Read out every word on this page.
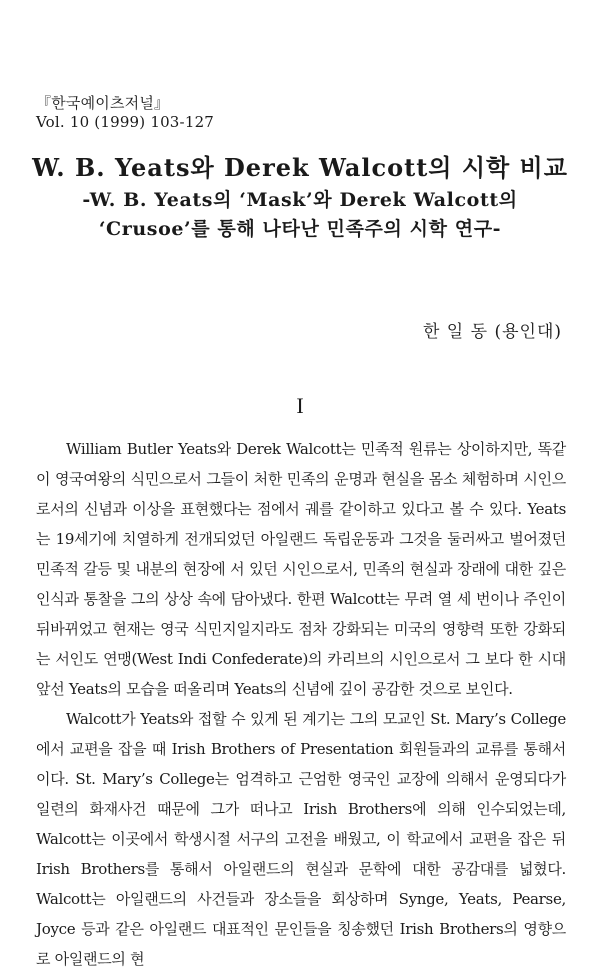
『한국예이츠저널』
Vol. 10 (1999) 103-127
W. B. Yeats와 Derek Walcott의 시학 비교
-W. B. Yeats의 ‘Mask’와 Derek Walcott의
‘Crusoe’를 통해 나타난 민족주의 시학 연구-
한 일 동 (용인대)
I

William Butler Yeats와 Derek Walcott는 민족적 원류는 상이하지만, 똑같이 영국여왕의 식민으로서 그들이 처한 민족의 운명과 현실을 몸소 체험하며 시인으로서의 신념과 이상을 표현했다는 점에서 궤를 같이하고 있다고 볼 수 있다. Yeats는 19세기에 치열하게 전개되었던 아일랜드 독립운동과 그것을 둘러싸고 벌어졌던 민족적 갈등 및 내분의 현장에 서 있던 시인으로서, 민족의 현실과 장래에 대한 깊은 인식과 통찰을 그의 상상 속에 담아냈다. 한편 Walcott는 무려 열 세 번이나 주인이 뒤바뀌었고 현재는 영국 식민지일지라도 점차 강화되는 미국의 영향력 또한 강화되는 서인도 연맹(West Indi Confederate)의 카리브의 시인으로서 그 보다 한 시대 앞선 Yeats의 모습을 떠올리며 Yeats의 신념에 깊이 공감한 것으로 보인다.

Walcott가 Yeats와 접할 수 있게 된 계기는 그의 모교인 St. Mary’s College에서 교편을 잡을 때 Irish Brothers of Presentation 회원들과의 교류를 통해서이다. St. Mary’s College는 엄격하고 근엄한 영국인 교장에 의해서 운영되다가 일련의 화재사건 때문에 그가 떠나고 Irish Brothers에 의해 인수되었는데, Walcott는 이곳에서 학생시절 서구의 고전을 배웠고, 이 학교에서 교편을 잡은 뒤 Irish Brothers를 통해서 아일랜드의 현실과 문학에 대한 공감대를 넓혔다. Walcott는 아일랜드의 사건들과 장소들을 회상하며 Synge, Yeats, Pearse, Joyce 등과 같은 아일랜드 대표적인 문인들을 칭송했던 Irish Brothers의 영향으로 아일랜드의 현
